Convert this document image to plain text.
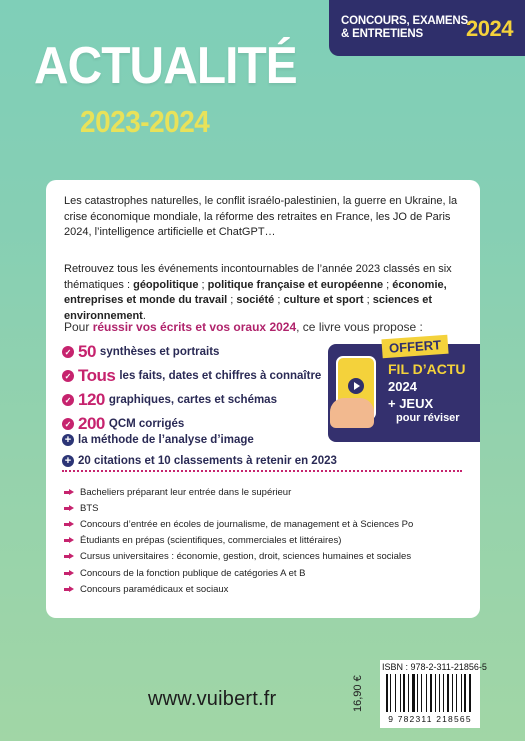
CONCOURS, EXAMENS
& ENTRETIENS	2024
ACTUALITÉ
2023-2024

Les catastrophes naturelles, le conflit israélo-palestinien, la guerre en Ukraine, la crise économique mondiale, la réforme des retraites en France, les JO de Paris 2024, l’intelligence artificielle et ChatGPT…

Retrouvez tous les événements incontournables de l’année 2023 classés en six thématiques : géopolitique ; politique française et européenne ; économie, entreprises et monde du travail ; société ; culture et sport ; sciences et environnement.

Pour réussir vos écrits et vos oraux 2024, ce livre vous propose :

✓ 50 synthèses et portraits
✓ Tous les faits, dates et chiffres à connaître
✓ 120 graphiques, cartes et schémas
✓ 200 QCM corrigés
+ la méthode de l’analyse d’image
+ 20 citations et 10 classements à retenir en 2023
OFFERT
FIL D’ACTU
2024
+ JEUX
pour réviser
Bacheliers préparant leur entrée dans le supérieur
BTS
Concours d’entrée en écoles de journalisme, de management et à Sciences Po
Étudiants en prépas (scientifiques, commerciales et littéraires)
Cursus universitaires : économie, gestion, droit, sciences humaines et sociales
Concours de la fonction publique de catégories A et B
Concours paramédicaux et sociaux
www.vuibert.fr	16,90 €
ISBN : 978-2-311-21856-5
9 782311 218565
